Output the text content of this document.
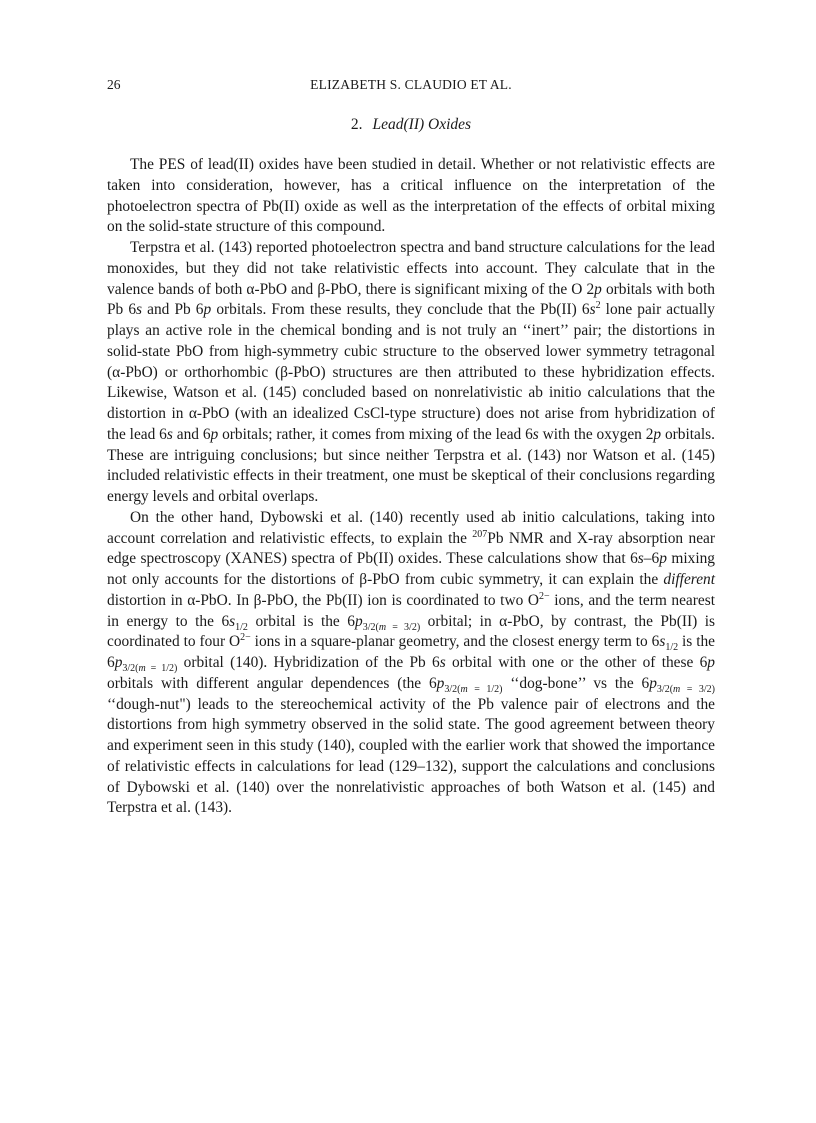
26	ELIZABETH S. CLAUDIO ET AL.
2. Lead(II) Oxides

The PES of lead(II) oxides have been studied in detail. Whether or not relativistic effects are taken into consideration, however, has a critical influence on the interpretation of the photoelectron spectra of Pb(II) oxide as well as the interpretation of the effects of orbital mixing on the solid-state structure of this compound.

Terpstra et al. (143) reported photoelectron spectra and band structure calculations for the lead monoxides, but they did not take relativistic effects into account. They calculate that in the valence bands of both α-PbO and β-PbO, there is significant mixing of the O 2p orbitals with both Pb 6s and Pb 6p orbitals. From these results, they conclude that the Pb(II) $6s^2$ lone pair actually plays an active role in the chemical bonding and is not truly an ‘‘inert’’ pair; the distortions in solid-state PbO from high-symmetry cubic structure to the observed lower symmetry tetragonal (α-PbO) or orthorhombic (β-PbO) structures are then attributed to these hybridization effects. Likewise, Watson et al. (145) concluded based on nonrelativistic ab initio calculations that the distortion in α-PbO (with an idealized CsCl-type structure) does not arise from hybridization of the lead 6s and 6p orbitals; rather, it comes from mixing of the lead 6s with the oxygen 2p orbitals. These are intriguing conclusions; but since neither Terpstra et al. (143) nor Watson et al. (145) included relativistic effects in their treatment, one must be skeptical of their conclusions regarding energy levels and orbital overlaps.

On the other hand, Dybowski et al. (140) recently used ab initio calculations, taking into account correlation and relativistic effects, to explain the $^{207}$Pb NMR and X-ray absorption near edge spectroscopy (XANES) spectra of Pb(II) oxides. These calculations show that 6s–6p mixing not only accounts for the distortions of β-PbO from cubic symmetry, it can explain the different distortion in α-PbO. In β-PbO, the Pb(II) ion is coordinated to two $O^{2-}$ ions, and the term nearest in energy to the $6s_{1/2}$ orbital is the $6p_{3/2(m = 3/2)}$ orbital; in α-PbO, by contrast, the Pb(II) is coordinated to four $O^{2-}$ ions in a square-planar geometry, and the closest energy term to $6s_{1/2}$ is the $6p_{3/2(m = 1/2)}$ orbital (140). Hybridization of the Pb 6s orbital with one or the other of these 6p orbitals with different angular dependences (the $6p_{3/2(m = 1/2)}$ ‘‘dog-bone’’ vs the $6p_{3/2(m = 3/2)}$ ‘‘dough-nut") leads to the stereochemical activity of the Pb valence pair of electrons and the distortions from high symmetry observed in the solid state. The good agreement between theory and experiment seen in this study (140), coupled with the earlier work that showed the importance of relativistic effects in calculations for lead (129–132), support the calculations and conclusions of Dybowski et al. (140) over the nonrelativistic approaches of both Watson et al. (145) and Terpstra et al. (143).
